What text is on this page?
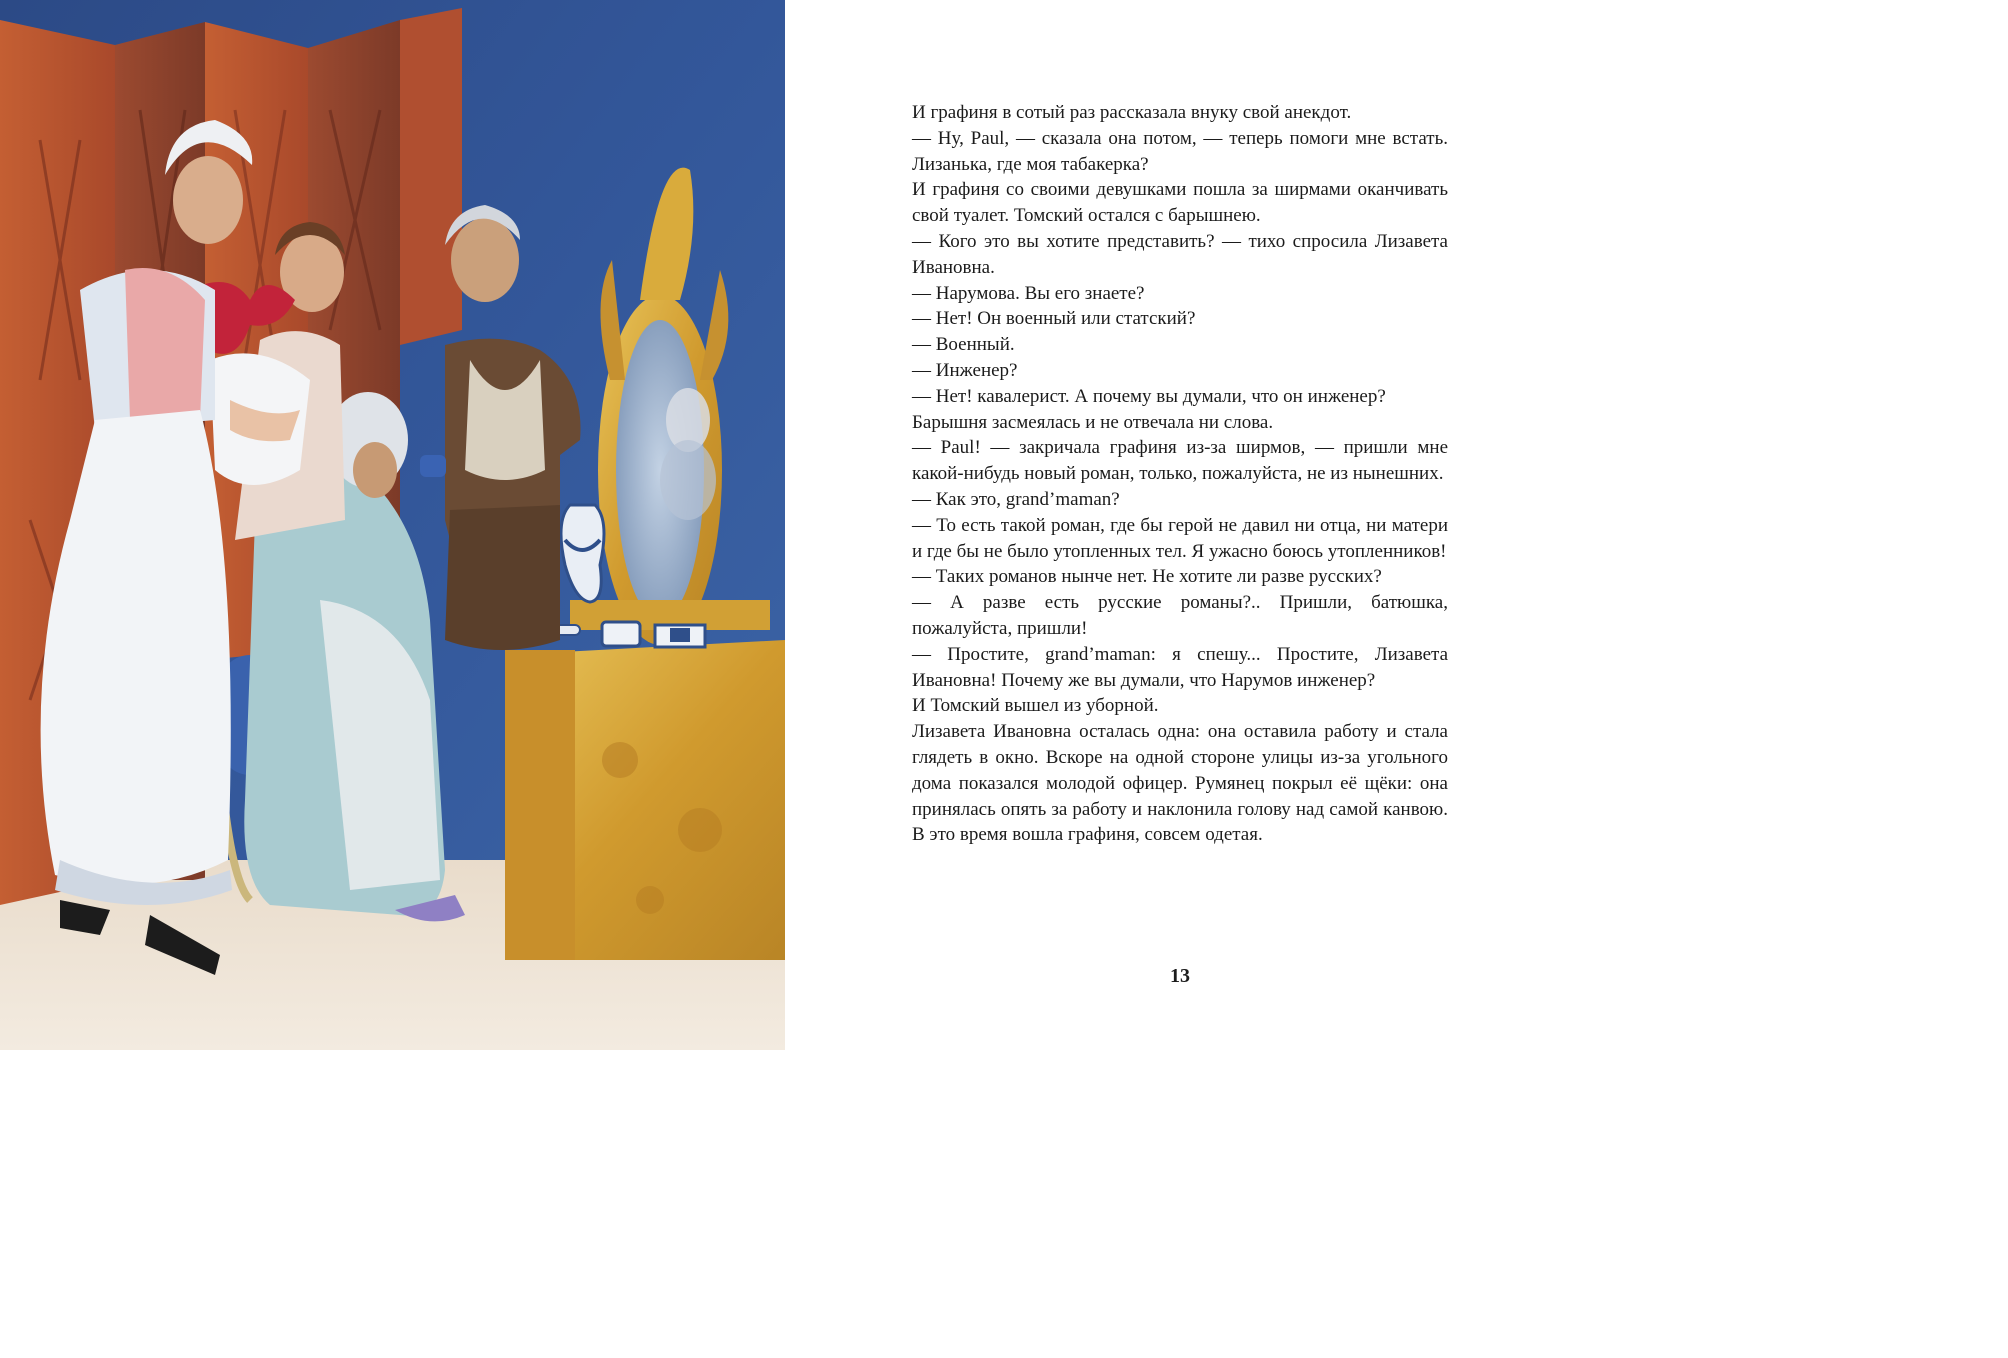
И графиня в сотый раз рассказала внуку свой анекдот.

— Ну, Paul, — сказала она потом, — теперь помоги мне встать. Лизанька, где моя табакерка?

И графиня со своими девушками пошла за ширмами оканчивать свой туалет. Томский остался с барышнею.

— Кого это вы хотите представить? — тихо спросила Лизавета Ивановна.

— Нарумова. Вы его знаете?

— Нет! Он военный или статский?

— Военный.

— Инженер?

— Нет! кавалерист. А почему вы думали, что он инженер?

Барышня засмеялась и не отвечала ни слова.

— Paul! — закричала графиня из-за ширмов, — пришли мне какой-нибудь новый роман, только, пожалуйста, не из нынешних.

— Как это, grand’maman?

— То есть такой роман, где бы герой не давил ни отца, ни матери и где бы не было утопленных тел. Я ужасно боюсь утопленников!

— Таких романов нынче нет. Не хотите ли разве русских?

— А разве есть русские романы?.. Пришли, батюшка, пожалуйста, пришли!

— Простите, grand’maman: я спешу... Простите, Лизавета Ивановна! Почему же вы думали, что Нарумов инженер?

И Томский вышел из уборной.

Лизавета Ивановна осталась одна: она оставила работу и стала глядеть в окно. Вскоре на одной стороне улицы из-за угольного дома показался молодой офицер. Румянец покрыл её щёки: она принялась опять за работу и наклонила голову над самой канвою. В это время вошла графиня, совсем одетая.

13
